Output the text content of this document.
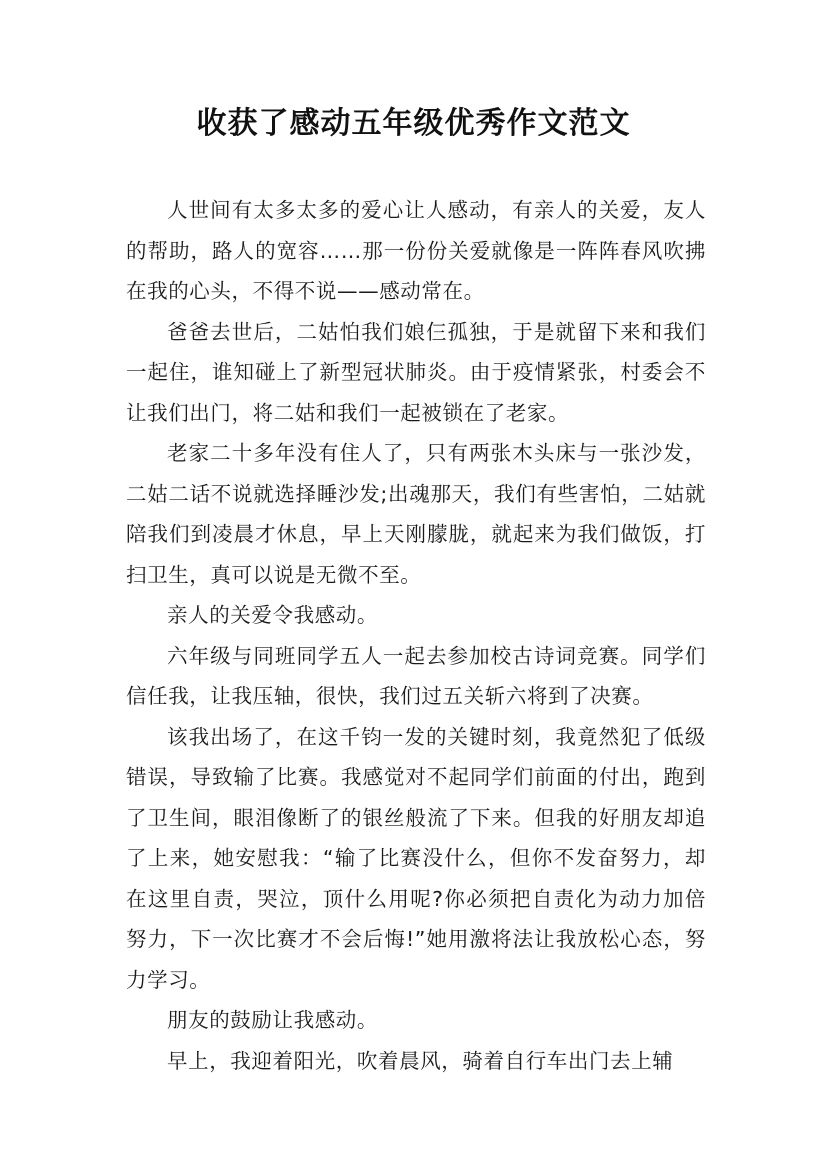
收获了感动五年级优秀作文范文

人世间有太多太多的爱心让人感动，有亲人的关爱，友人的帮助，路人的宽容……那一份份关爱就像是一阵阵春风吹拂在我的心头，不得不说——感动常在。

爸爸去世后，二姑怕我们娘仨孤独，于是就留下来和我们一起住，谁知碰上了新型冠状肺炎。由于疫情紧张，村委会不让我们出门，将二姑和我们一起被锁在了老家。

老家二十多年没有住人了，只有两张木头床与一张沙发，二姑二话不说就选择睡沙发;出魂那天，我们有些害怕，二姑就陪我们到凌晨才休息，早上天刚朦胧，就起来为我们做饭，打扫卫生，真可以说是无微不至。

亲人的关爱令我感动。

六年级与同班同学五人一起去参加校古诗词竞赛。同学们信任我，让我压轴，很快，我们过五关斩六将到了决赛。

该我出场了，在这千钧一发的关键时刻，我竟然犯了低级错误，导致输了比赛。我感觉对不起同学们前面的付出，跑到了卫生间，眼泪像断了的银丝般流了下来。但我的好朋友却追了上来，她安慰我：“输了比赛没什么，但你不发奋努力，却在这里自责，哭泣，顶什么用呢?你必须把自责化为动力加倍努力，下一次比赛才不会后悔!”她用激将法让我放松心态，努力学习。

朋友的鼓励让我感动。

早上，我迎着阳光，吹着晨风，骑着自行车出门去上辅
